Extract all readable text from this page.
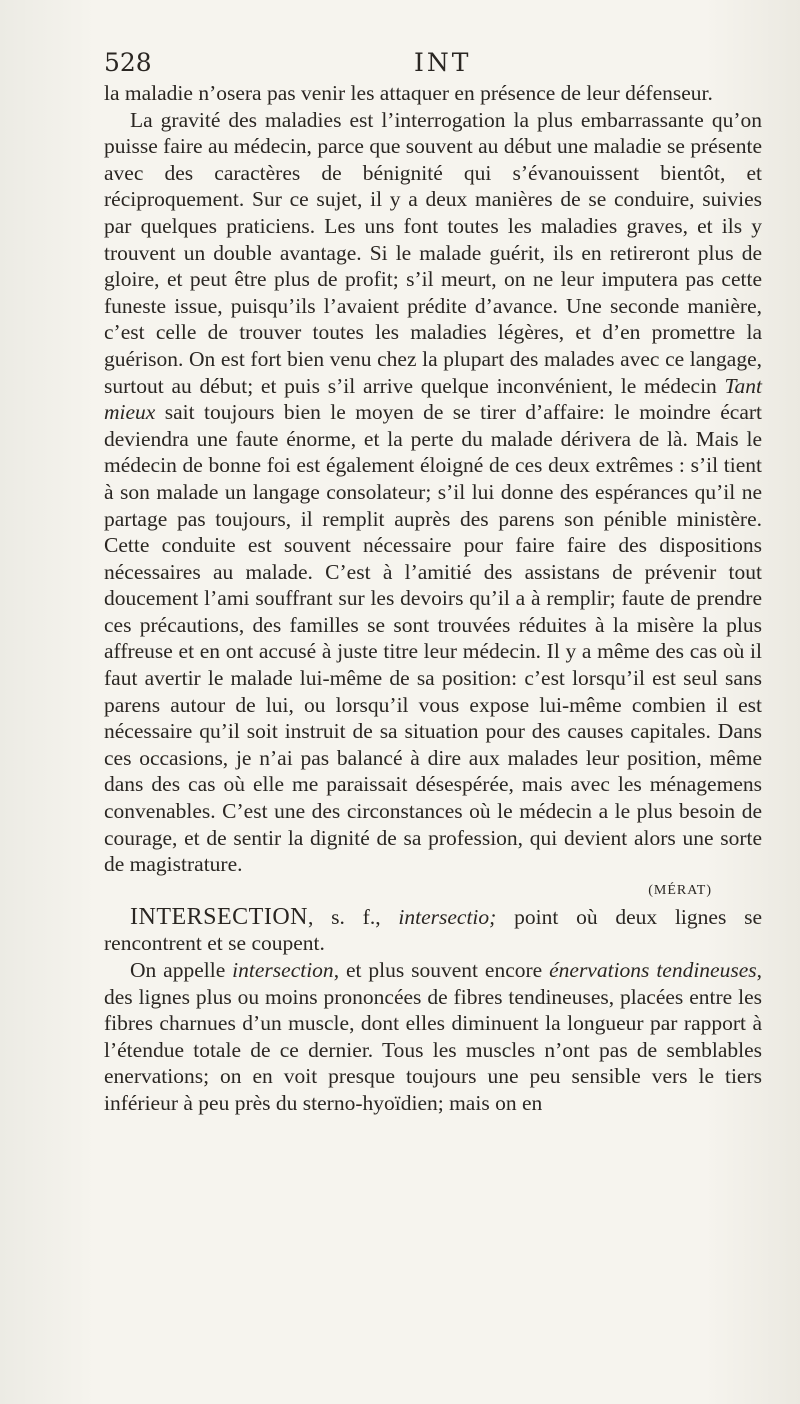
528	INT

la maladie n’osera pas venir les attaquer en présence de leur défenseur.

La gravité des maladies est l’interrogation la plus embarrassante qu’on puisse faire au médecin, parce que souvent au début une maladie se présente avec des caractères de bénignité qui s’évanouissent bientôt, et réciproquement. Sur ce sujet, il y a deux manières de se conduire, suivies par quelques praticiens. Les uns font toutes les maladies graves, et ils y trouvent un double avantage. Si le malade guérit, ils en retireront plus de gloire, et peut être plus de profit; s’il meurt, on ne leur imputera pas cette funeste issue, puisqu’ils l’avaient prédite d’avance. Une seconde manière, c’est celle de trouver toutes les maladies légères, et d’en promettre la guérison. On est fort bien venu chez la plupart des malades avec ce langage, surtout au début; et puis s’il arrive quelque inconvénient, le médecin Tant mieux sait toujours bien le moyen de se tirer d’affaire: le moindre écart deviendra une faute énorme, et la perte du malade dérivera de là. Mais le médecin de bonne foi est également éloigné de ces deux extrêmes : s’il tient à son malade un langage consolateur; s’il lui donne des espérances qu’il ne partage pas toujours, il remplit auprès des parens son pénible ministère. Cette conduite est souvent nécessaire pour faire faire des dispositions nécessaires au malade. C’est à l’amitié des assistans de prévenir tout doucement l’ami souffrant sur les devoirs qu’il a à remplir; faute de prendre ces précautions, des familles se sont trouvées réduites à la misère la plus affreuse et en ont accusé à juste titre leur médecin. Il y a même des cas où il faut avertir le malade lui-même de sa position: c’est lorsqu’il est seul sans parens autour de lui, ou lorsqu’il vous expose lui-même combien il est nécessaire qu’il soit instruit de sa situation pour des causes capitales. Dans ces occasions, je n’ai pas balancé à dire aux malades leur position, même dans des cas où elle me paraissait désespérée, mais avec les ménagemens convenables. C’est une des circonstances où le médecin a le plus besoin de courage, et de sentir la dignité de sa profession, qui devient alors une sorte de magistrature.

(MÉRAT)

INTERSECTION, s. f., intersectio; point où deux lignes se rencontrent et se coupent.

On appelle intersection, et plus souvent encore énervations tendineuses, des lignes plus ou moins prononcées de fibres tendineuses, placées entre les fibres charnues d’un muscle, dont elles diminuent la longueur par rapport à l’étendue totale de ce dernier. Tous les muscles n’ont pas de semblables enervations; on en voit presque toujours une peu sensible vers le tiers inférieur à peu près du sterno-hyoïdien; mais on en
